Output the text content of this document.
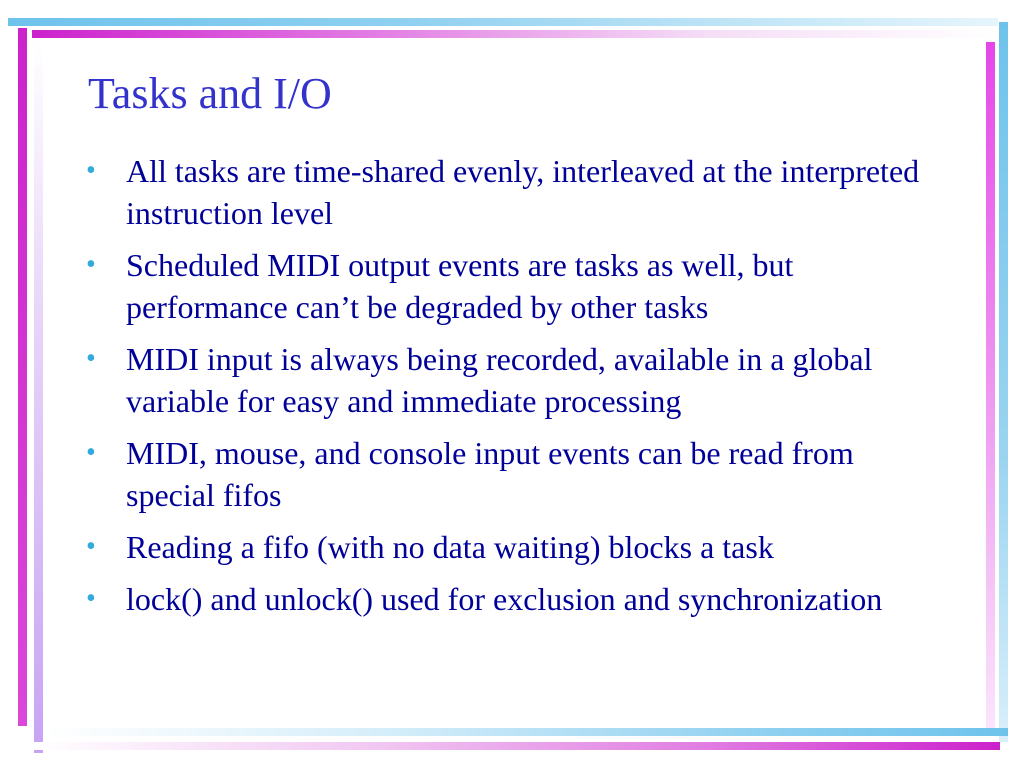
Tasks and I/O
• All tasks are time-shared evenly, interleaved at the interpreted instruction level
• Scheduled MIDI output events are tasks as well, but performance can’t be degraded by other tasks
• MIDI input is always being recorded, available in a global variable for easy and immediate processing
• MIDI, mouse, and console input events can be read from special fifos
• Reading a fifo (with no data waiting) blocks a task
• lock() and unlock() used for exclusion and synchronization
